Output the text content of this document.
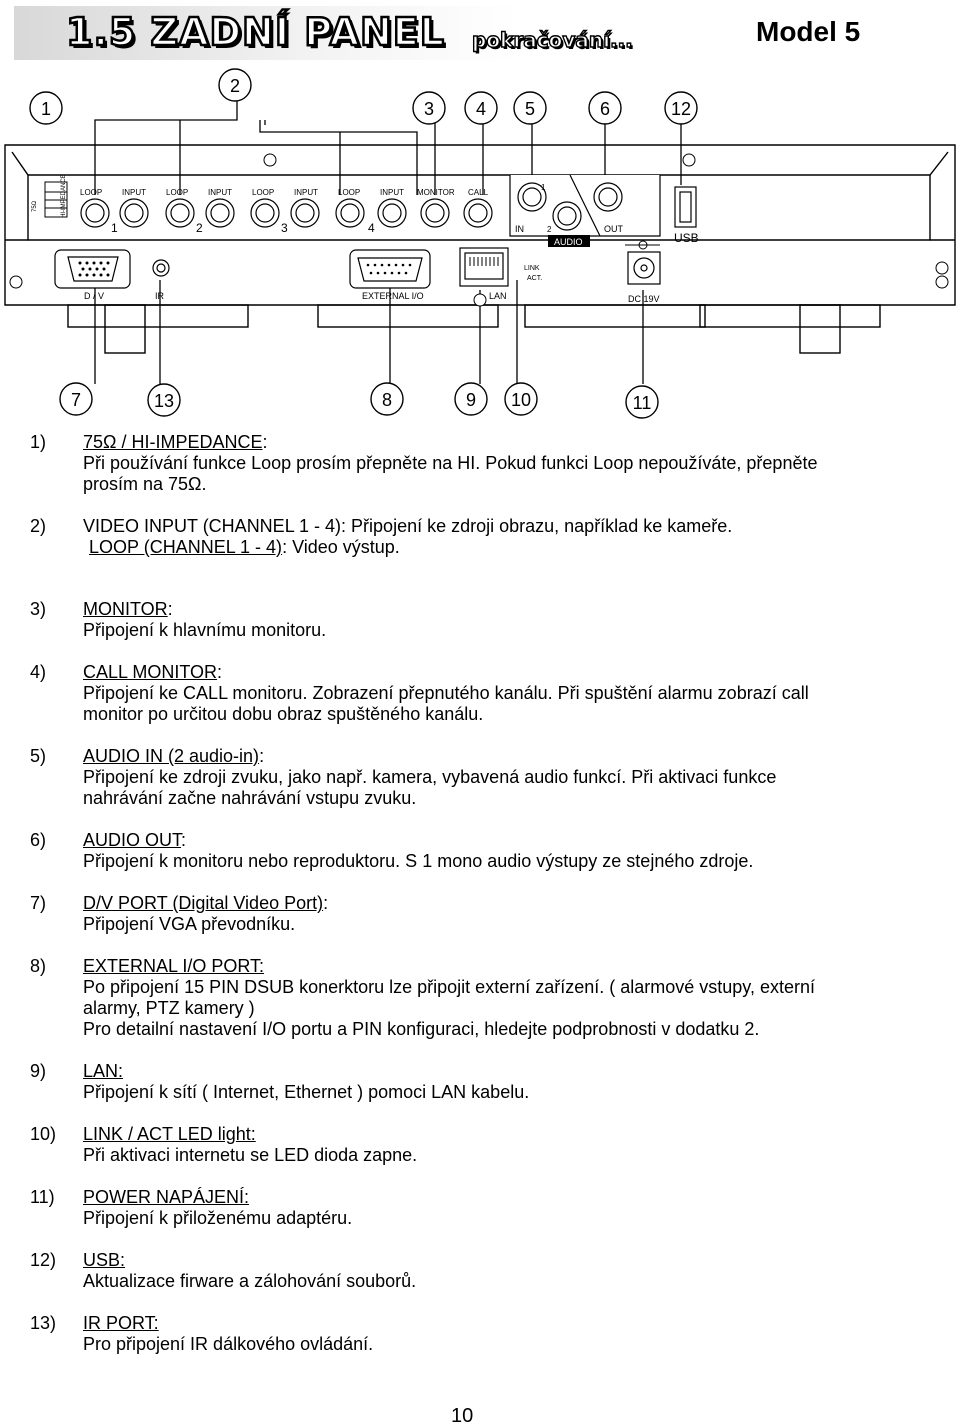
1.5 ZADNÍ PANEL pokračování...	Model 5
HI-IMPEDANCE
75Ω
LOOP INPUT	LOOP INPUT	LOOP INPUT	LOOP INPUT MONITOR CALL
1	2	3	4
AUDIO
1
2
IN	OUT
USB
D / V	IR	EXTERNAL I/O	LAN
LINK
ACT.
DC 19V
1
2
3 4 5	6	12
7	13	8	9 10	11
1) 75Ω / HI-IMPEDANCE:
Při používání funkce Loop prosím přepněte na HI. Pokud funkci Loop nepoužíváte, přepněte
prosím na 75Ω.
2) VIDEO INPUT (CHANNEL 1 - 4): Připojení ke zdroji obrazu, například ke kameře.
LOOP (CHANNEL 1 - 4): Video výstup.
3) MONITOR:
Připojení k hlavnímu monitoru.
4) CALL MONITOR:
Připojení ke CALL monitoru. Zobrazení přepnutého kanálu. Při spuštění alarmu zobrazí call
monitor po určitou dobu obraz spuštěného kanálu.
5) AUDIO IN (2 audio-in):
Připojení ke zdroji zvuku, jako např. kamera, vybavená audio funkcí. Při aktivaci funkce
nahrávání začne nahrávání vstupu zvuku.
6) AUDIO OUT:
Připojení k monitoru nebo reproduktoru. S 1 mono audio výstupy ze stejného zdroje.
7) D/V PORT (Digital Video Port):
Připojení VGA převodníku.
8) EXTERNAL I/O PORT:
Po připojení 15 PIN DSUB konerktoru lze připojit externí zařízení. ( alarmové vstupy, externí
alarmy, PTZ kamery )
Pro detailní nastavení I/O portu a PIN konfiguraci, hledejte podprobnosti v dodatku 2.
9) LAN:
Připojení k sítí ( Internet, Ethernet ) pomoci LAN kabelu.
10) LINK / ACT LED light:
Při aktivaci internetu se LED dioda zapne.
11) POWER NAPÁJENÍ:
Připojení k přiloženému adaptéru.
12) USB:
Aktualizace firware a zálohování souborů.
13) IR PORT:
Pro připojení IR dálkového ovládání.
10
